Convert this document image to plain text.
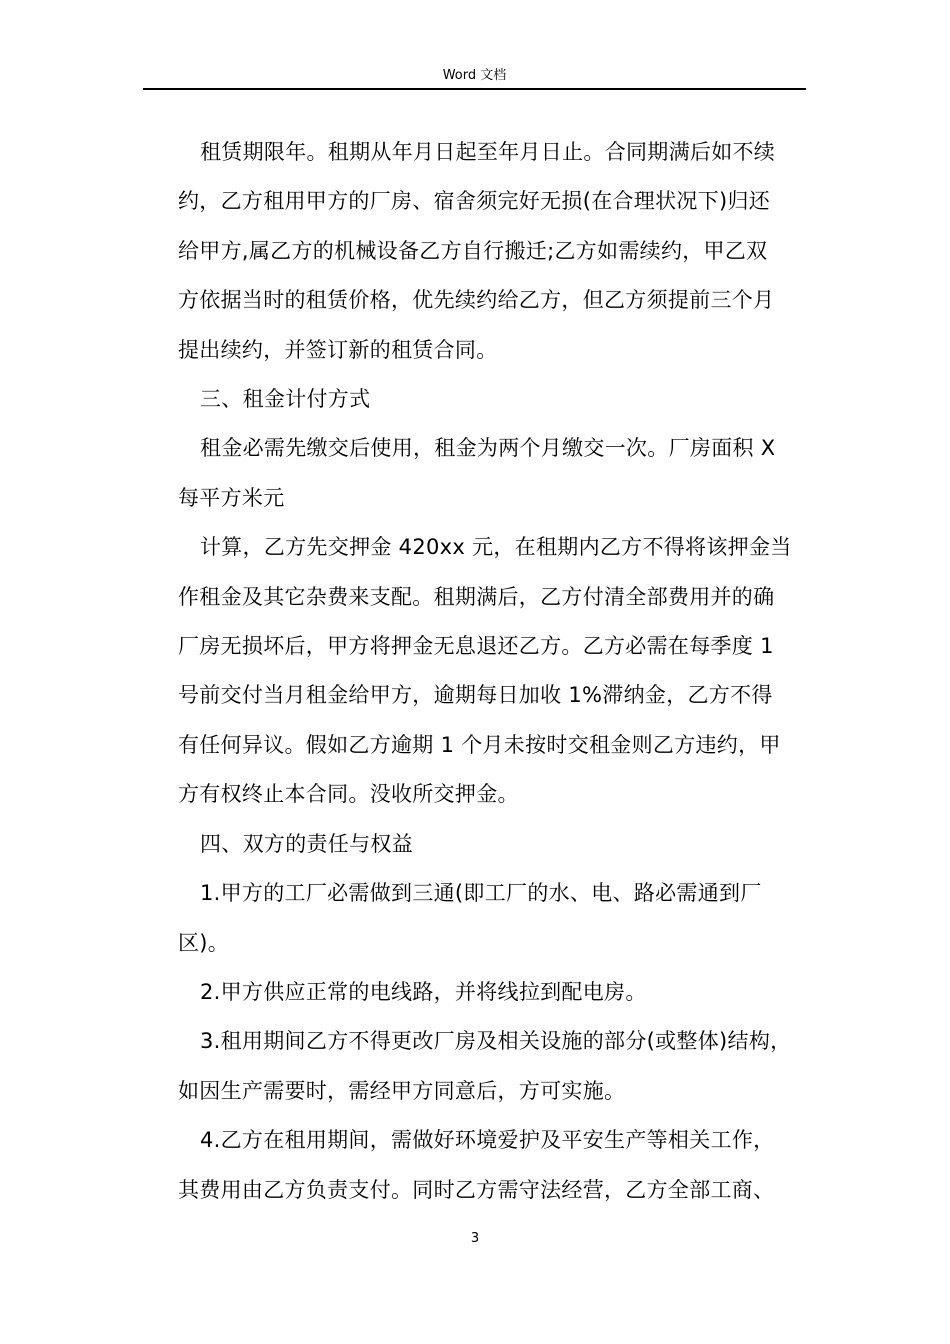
Word 文档

租赁期限年。租期从年月日起至年月日止。合同期满后如不续

约，乙方租用甲方的厂房、宿舍须完好无损(在合理状况下)归还

给甲方,属乙方的机械设备乙方自行搬迁;乙方如需续约，甲乙双

方依据当时的租赁价格，优先续约给乙方，但乙方须提前三个月

提出续约，并签订新的租赁合同。

三、租金计付方式

租金必需先缴交后使用，租金为两个月缴交一次。厂房面积 X

每平方米元

计算，乙方先交押金 420xx 元，在租期内乙方不得将该押金当

作租金及其它杂费来支配。租期满后，乙方付清全部费用并的确

厂房无损坏后，甲方将押金无息退还乙方。乙方必需在每季度 1

号前交付当月租金给甲方，逾期每日加收 1%滞纳金，乙方不得

有任何异议。假如乙方逾期 1 个月未按时交租金则乙方违约，甲

方有权终止本合同。没收所交押金。

四、双方的责任与权益

1.甲方的工厂必需做到三通(即工厂的水、电、路必需通到厂

区)。

2.甲方供应正常的电线路，并将线拉到配电房。

3.租用期间乙方不得更改厂房及相关设施的部分(或整体)结构，

如因生产需要时，需经甲方同意后，方可实施。

4.乙方在租用期间，需做好环境爱护及平安生产等相关工作，

其费用由乙方负责支付。同时乙方需守法经营，乙方全部工商、

3
